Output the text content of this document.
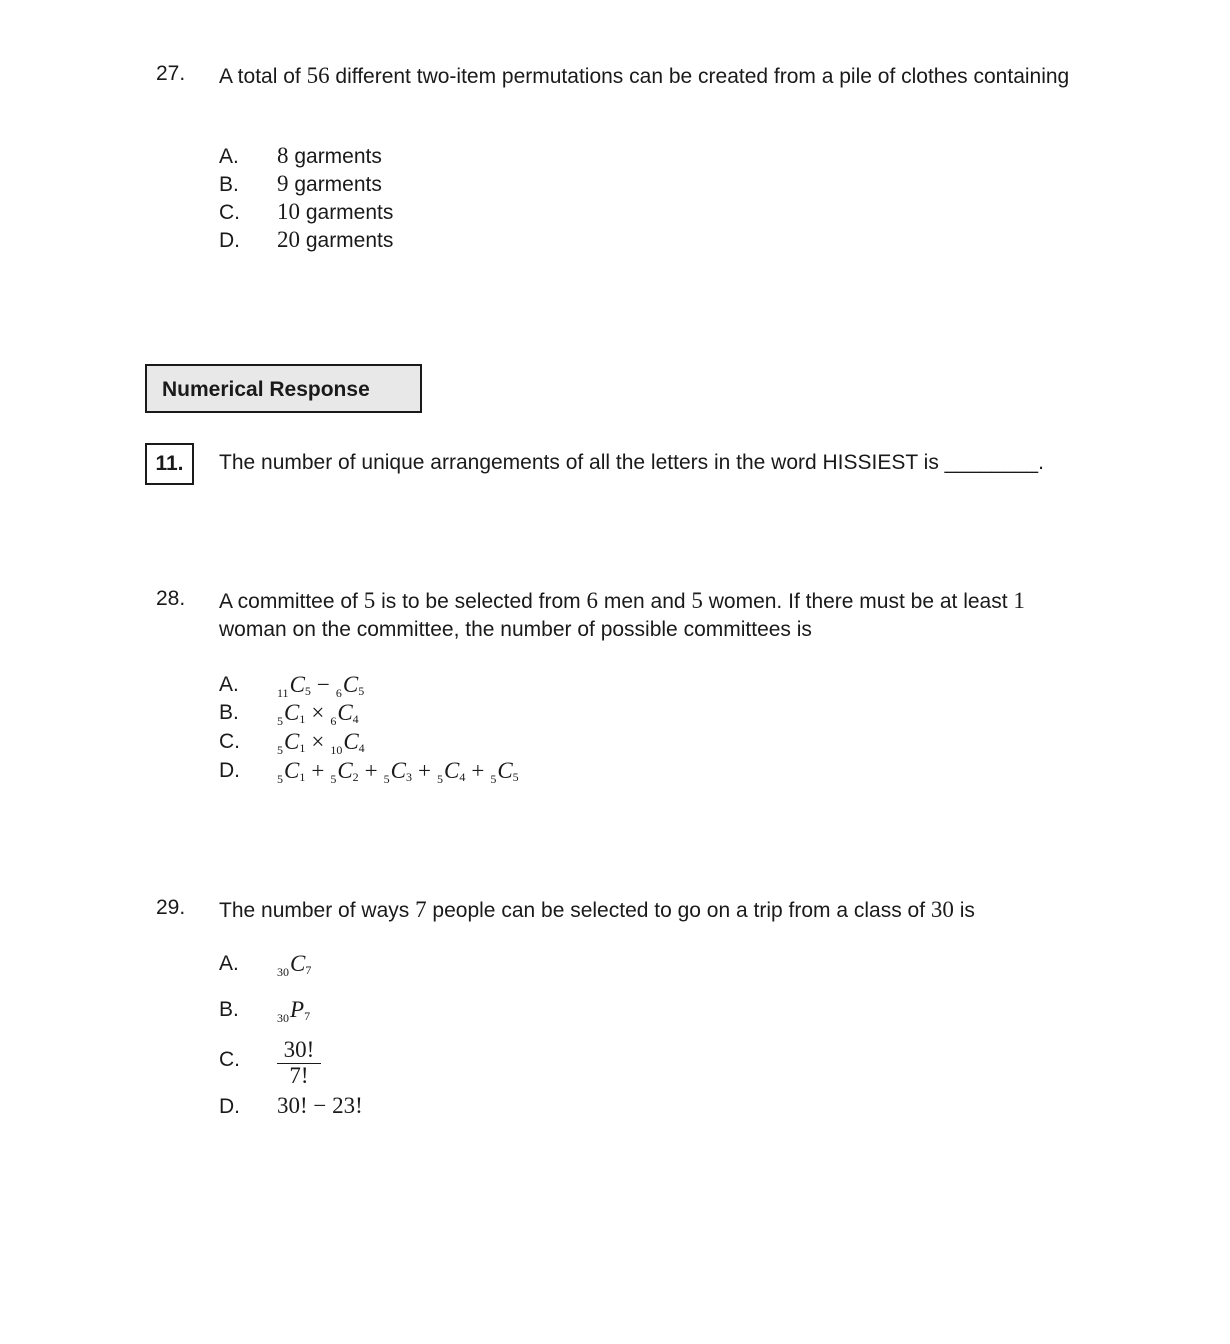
27. A total of 56 different two-item permutations can be created from a pile of clothes containing
A. 8 garments
B. 9 garments
C. 10 garments
D. 20 garments
Numerical Response
11.	The number of unique arrangements of all the letters in the word HISSIEST is ________.
28. A committee of 5 is to be selected from 6 men and 5 women. If there must be at least 1 woman on the committee, the number of possible committees is
A.	$_{11}$C5 − $_6$C5
B.	$_5$C1 × $_6$C4
C.	$_5$C1 × $_{10}$C4
D.	$_5$C1 + $_5$C2 + $_5$C3 + $_5$C4 + $_5$C5
29. The number of ways 7 people can be selected to go on a trip from a class of 30 is
A.	$_{30}$C7
B.	$_{30}$P7
C. $\frac{30!}{7!}$
D. 30! − 23!
